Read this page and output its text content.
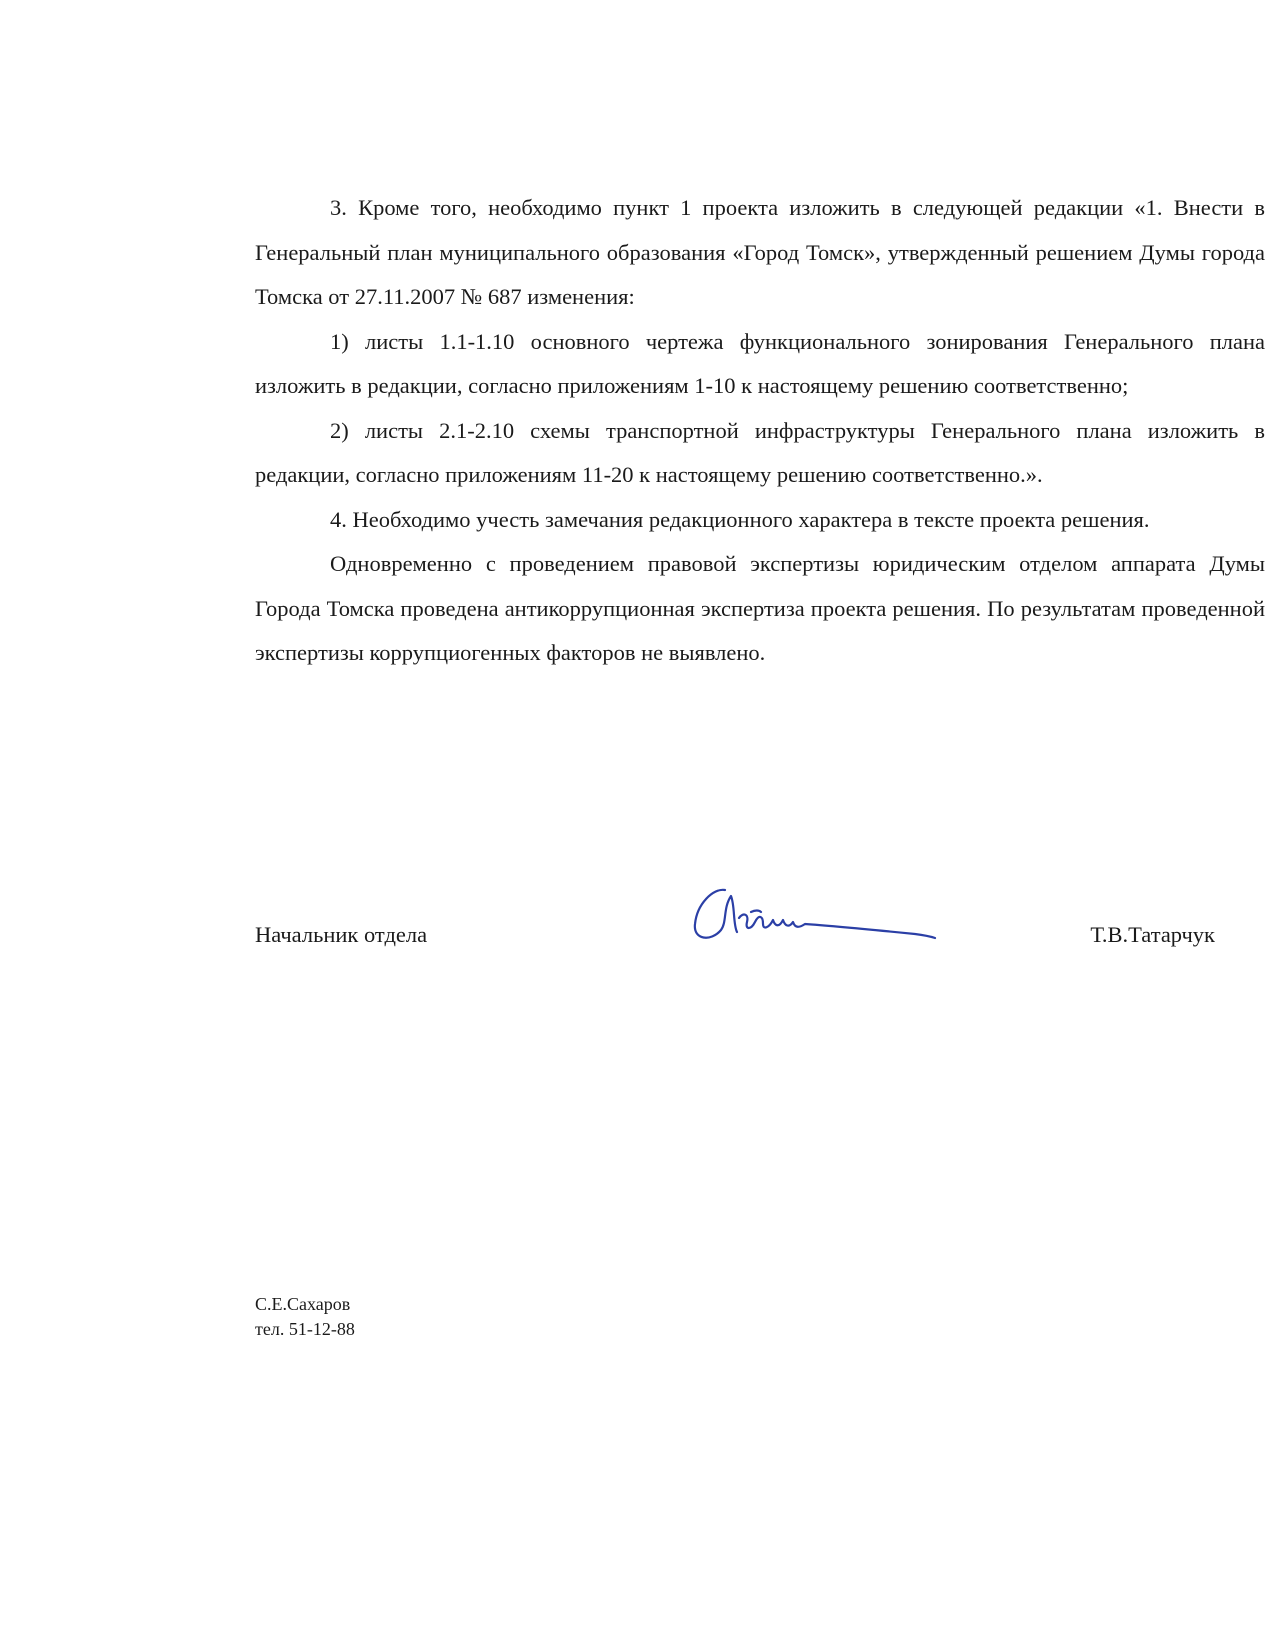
3. Кроме того, необходимо пункт 1 проекта изложить в следующей редакции «1. Внести в Генеральный план муниципального образования «Город Томск», утвержденный решением Думы города Томска от 27.11.2007 № 687 изменения:

1) листы 1.1-1.10 основного чертежа функционального зонирования Генерального плана изложить в редакции, согласно приложениям 1-10 к настоящему решению соответственно;

2) листы 2.1-2.10 схемы транспортной инфраструктуры Генерального плана изложить в редакции, согласно приложениям 11-20 к настоящему решению соответственно.».

4. Необходимо учесть замечания редакционного характера в тексте проекта решения.

Одновременно с проведением правовой экспертизы юридическим отделом аппарата Думы Города Томска проведена антикоррупционная экспертиза проекта решения. По результатам проведенной экспертизы коррупциогенных факторов не выявлено.

Начальник отдела	Т.В.Татарчук
С.Е.Сахаров
тел. 51-12-88
